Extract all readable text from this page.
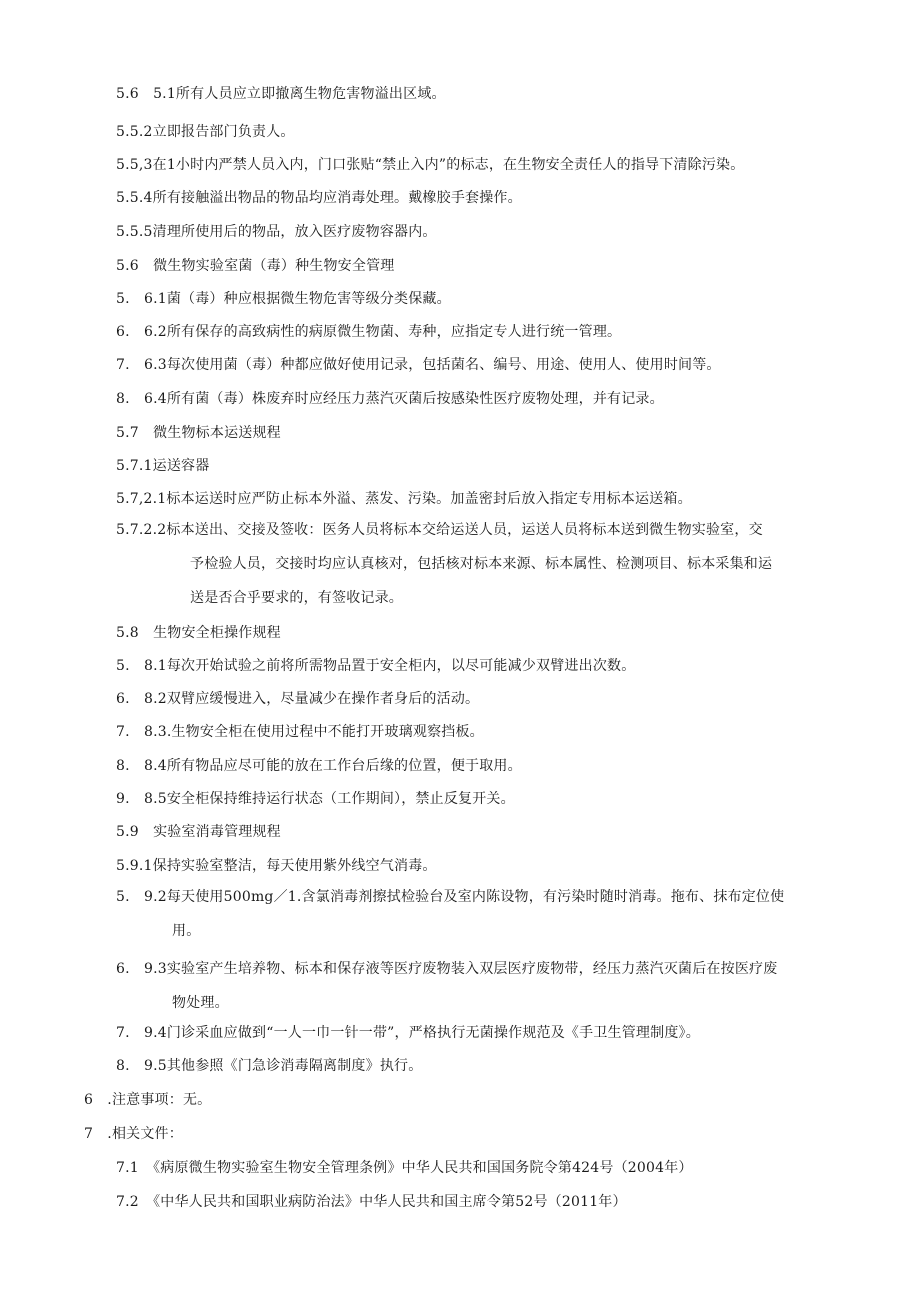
5.6　5.1所有人员应立即撤离生物危害物溢出区域。
5.5.2立即报告部门负责人。
5.5,3在1小时内严禁人员入内，门口张贴“禁止入内”的标志，在生物安全责任人的指导下清除污染。
5.5.4所有接触溢出物品的物品均应消毒处理。戴橡胶手套操作。
5.5.5清理所使用后的物品，放入医疗废物容器内。
5.6　微生物实验室菌（毒）种生物安全管理
5.　6.1菌（毒）种应根据微生物危害等级分类保藏。
6.　6.2所有保存的高致病性的病原微生物菌、寿种，应指定专人进行统一管理。
7.　6.3每次使用菌（毒）种都应做好使用记录，包括菌名、编号、用途、使用人、使用时间等。
8.　6.4所有菌（毒）株废弃时应经压力蒸汽灭菌后按感染性医疗废物处理，并有记录。
5.7　微生物标本运送规程
5.7.1运送容器
5.7,2.1标本运送时应严防止标本外溢、蒸发、污染。加盖密封后放入指定专用标本运送箱。
5.7.2.2标本送出、交接及签收：医务人员将标本交给运送人员，运送人员将标本送到微生物实验室，交
予检验人员，交接时均应认真核对，包括核对标本来源、标本属性、检测项目、标本采集和运
送是否合乎要求的，有签收记录。
5.8　生物安全柜操作规程
5.　8.1每次开始试验之前将所需物品置于安全柜内，以尽可能减少双臂进出次数。
6.　8.2双臂应缓慢进入，尽量减少在操作者身后的活动。
7.　8.3.生物安全柜在使用过程中不能打开玻璃观察挡板。
8.　8.4所有物品应尽可能的放在工作台后缘的位置，便于取用。
9.　8.5安全柜保持维持运行状态（工作期间），禁止反复开关。
5.9　实验室消毒管理规程
5.9.1保持实验室整洁，每天使用紫外线空气消毒。
5.　9.2每天使用500mg／1.含氯消毒剂擦拭检验台及室内陈设物，有污染时随时消毒。拖布、抹布定位使
用。
6.　9.3实验室产生培养物、标本和保存液等医疗废物装入双层医疗废物带，经压力蒸汽灭菌后在按医疗废
物处理。
7.　9.4门诊采血应做到“一人一巾一针一带”，严格执行无菌操作规范及《手卫生管理制度》。
8.　9.5其他参照《门急诊消毒隔离制度》执行。
6　.注意事项：无。
7　.相关文件：
7.1　《病原微生物实验室生物安全管理条例》中华人民共和国国务院令第424号（2004年）
7.2　《中华人民共和国职业病防治法》中华人民共和国主席令第52号（2011年）
